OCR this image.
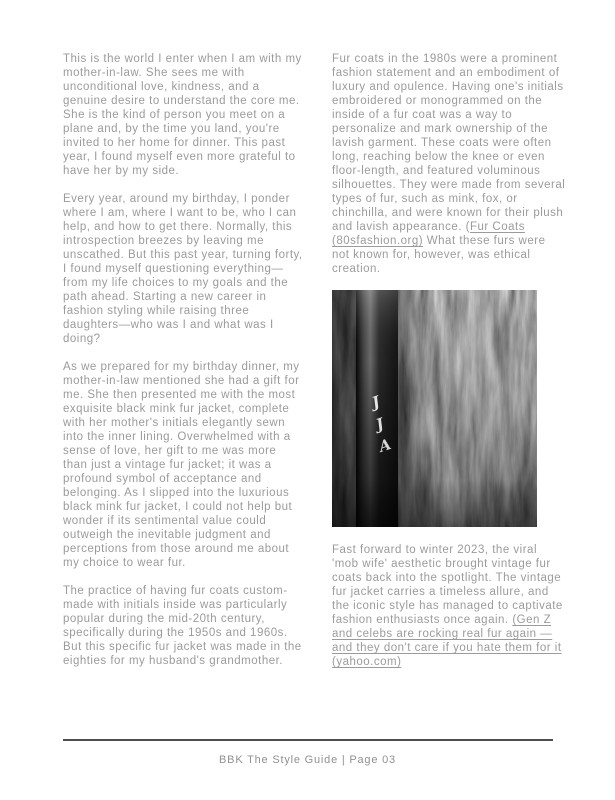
This is the world I enter when I am with my mother-in-law. She sees me with unconditional love, kindness, and a genuine desire to understand the core me. She is the kind of person you meet on a plane and, by the time you land, you're invited to her home for dinner. This past year, I found myself even more grateful to have her by my side.

Every year, around my birthday, I ponder where I am, where I want to be, who I can help, and how to get there. Normally, this introspection breezes by leaving me unscathed. But this past year, turning forty, I found myself questioning everything—from my life choices to my goals and the path ahead. Starting a new career in fashion styling while raising three daughters—who was I and what was I doing?

As we prepared for my birthday dinner, my mother-in-law mentioned she had a gift for me. She then presented me with the most exquisite black mink fur jacket, complete with her mother's initials elegantly sewn into the inner lining. Overwhelmed with a sense of love, her gift to me was more than just a vintage fur jacket; it was a profound symbol of acceptance and belonging. As I slipped into the luxurious black mink fur jacket, I could not help but wonder if its sentimental value could outweigh the inevitable judgment and perceptions from those around me about my choice to wear fur.

The practice of having fur coats custom-made with initials inside was particularly popular during the mid-20th century, specifically during the 1950s and 1960s. But this specific fur jacket was made in the eighties for my husband's grandmother.

Fur coats in the 1980s were a prominent fashion statement and an embodiment of luxury and opulence. Having one's initials embroidered or monogrammed on the inside of a fur coat was a way to personalize and mark ownership of the lavish garment. These coats were often long, reaching below the knee or even floor-length, and featured voluminous silhouettes. They were made from several types of fur, such as mink, fox, or chinchilla, and were known for their plush and lavish appearance. (Fur Coats (80sfashion.org) What these furs were not known for, however, was ethical creation.

J
J
A

Fast forward to winter 2023, the viral 'mob wife' aesthetic brought vintage fur coats back into the spotlight. The vintage fur jacket carries a timeless allure, and the iconic style has managed to captivate fashion enthusiasts once again. (Gen Z and celebs are rocking real fur again — and they don't care if you hate them for it (yahoo.com)

BBK The Style Guide | Page 03
